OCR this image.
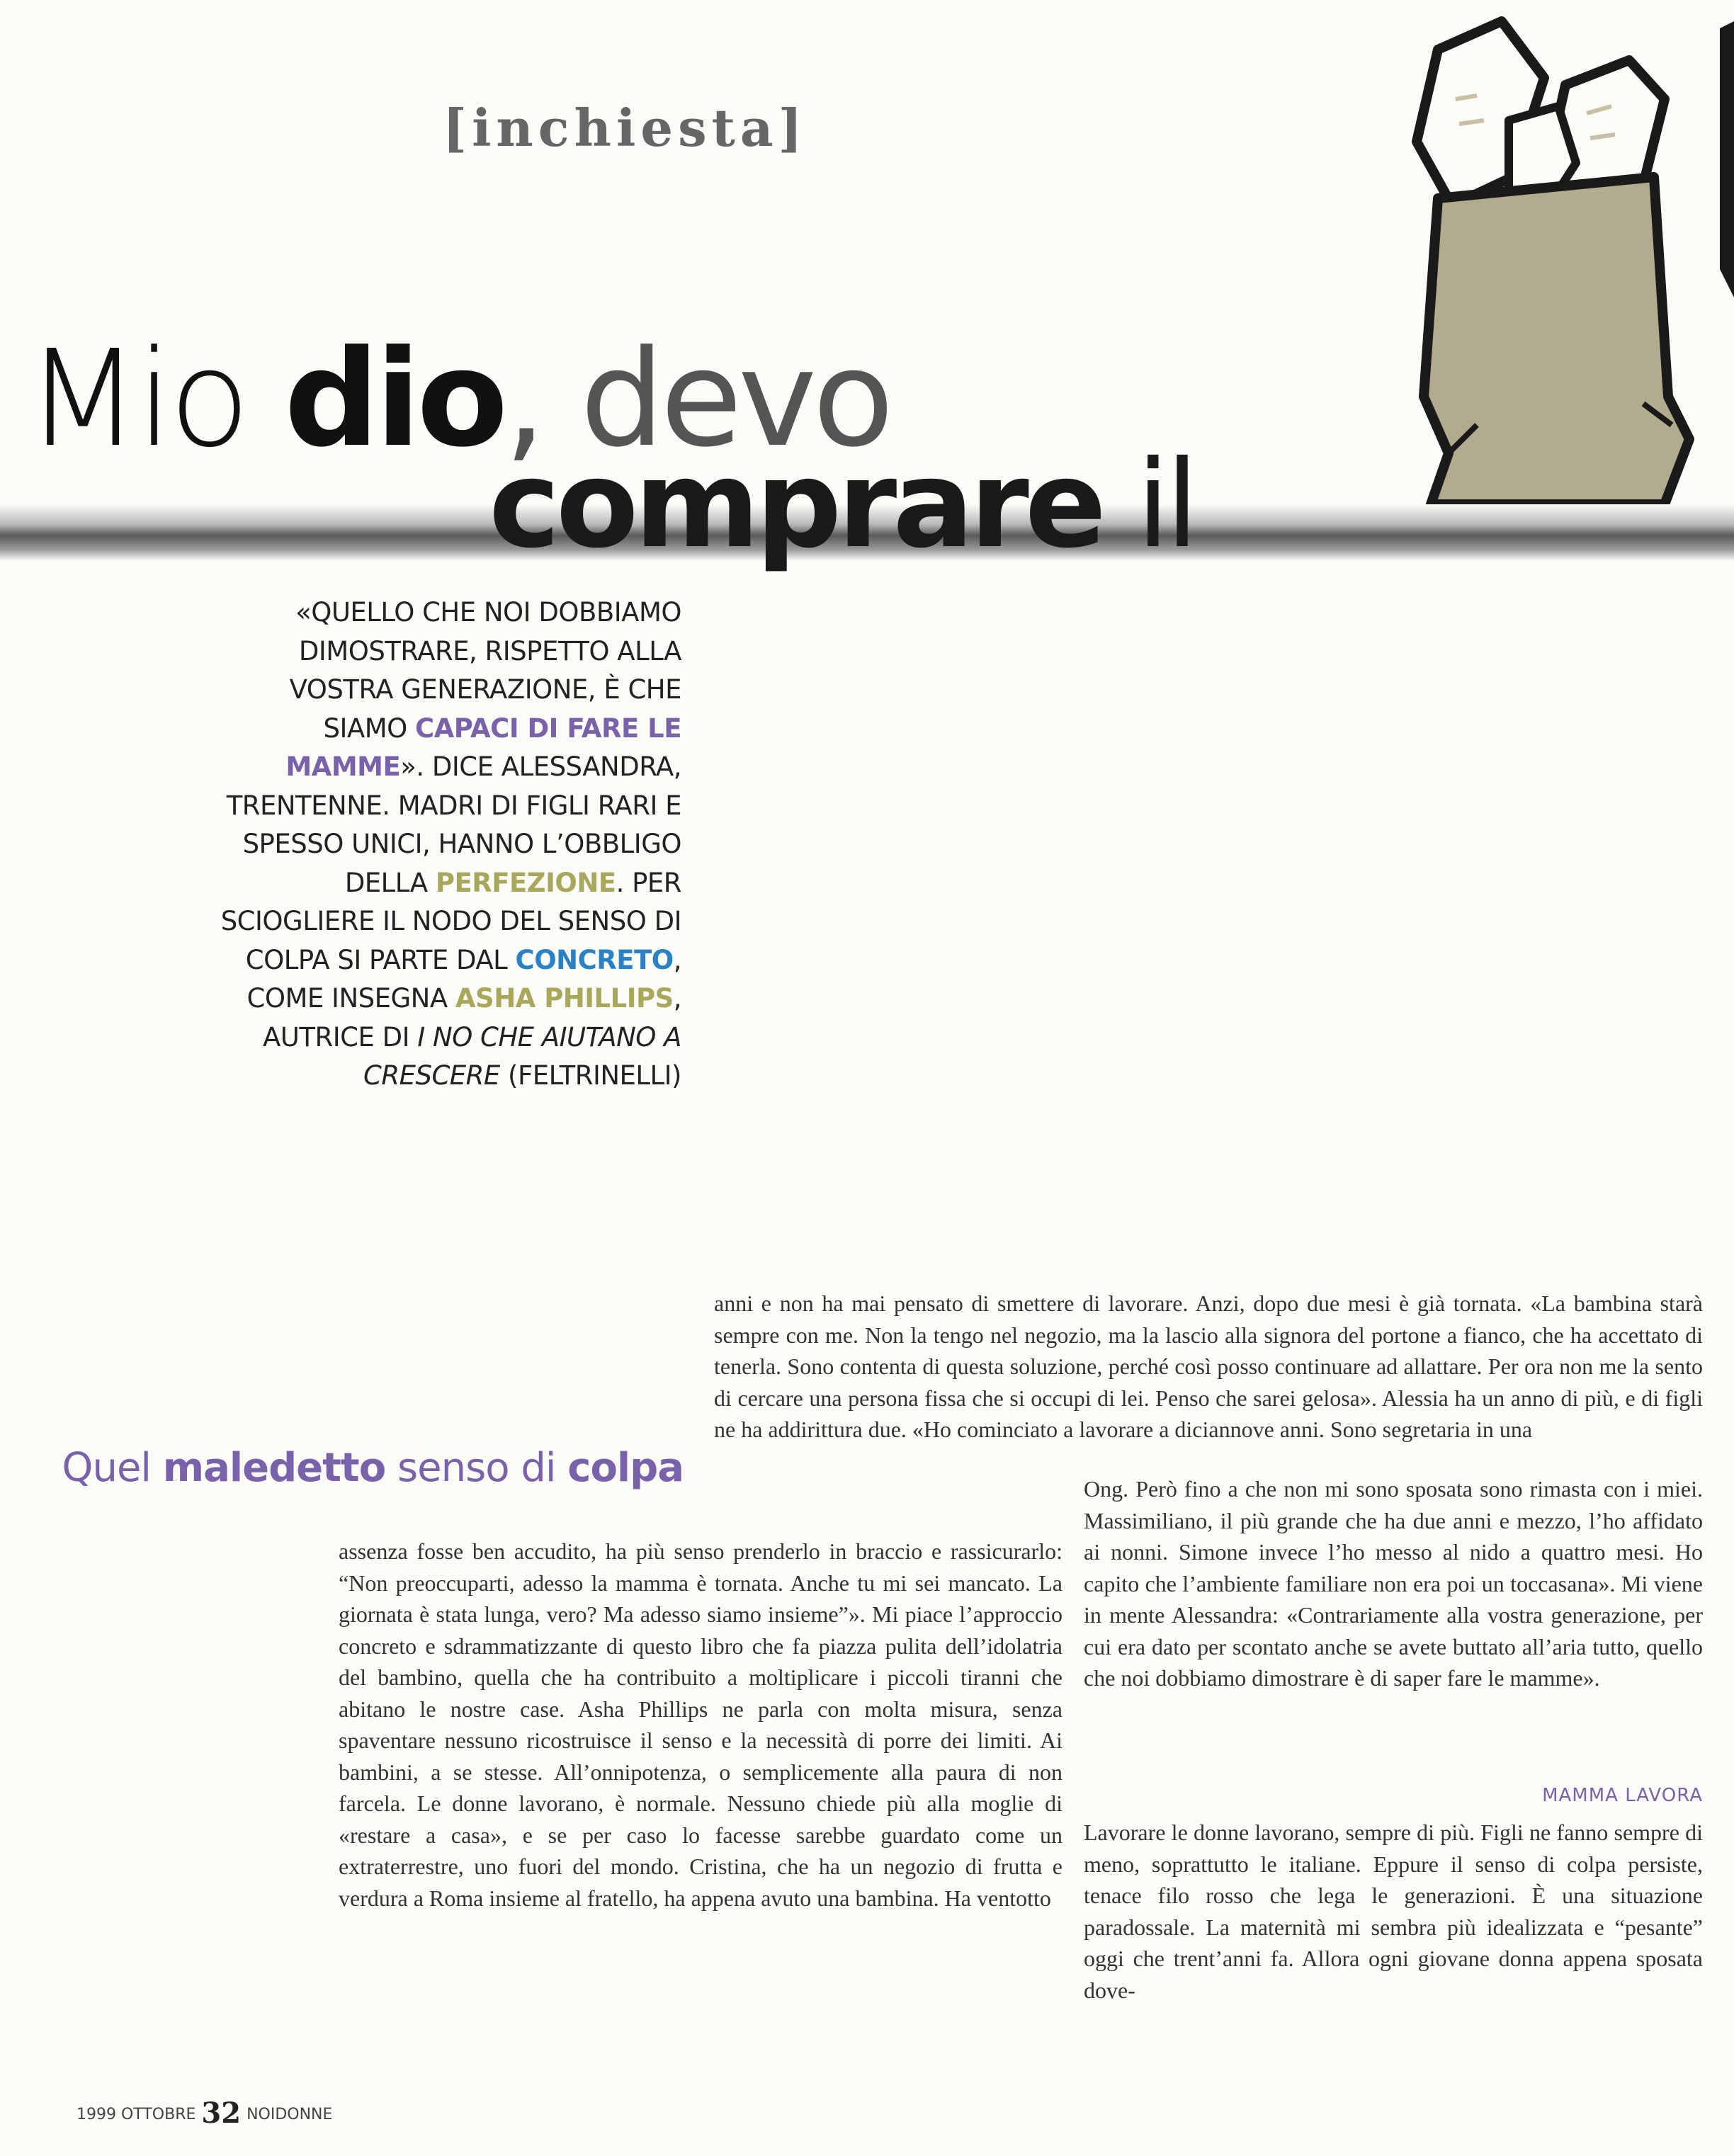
[inchiesta]
Mio dio, devo
comprare il
«QUELLO CHE NOI DOBBIAMO DIMOSTRARE, RISPETTO ALLA VOSTRA GENERAZIONE, È CHE SIAMO CAPACI DI FARE LE MAMME». DICE ALESSANDRA, TRENTENNE. MADRI DI FIGLI RARI E SPESSO UNICI, HANNO L’OBBLIGO DELLA PERFEZIONE. PER SCIOGLIERE IL NODO DEL SENSO DI COLPA SI PARTE DAL CONCRETO, COME INSEGNA ASHA PHILLIPS, AUTRICE DI I NO CHE AIUTANO A CRESCERE (FELTRINELLI)
Quel maledetto senso di colpa

anni e non ha mai pensato di smettere di lavorare. Anzi, dopo due mesi è già tornata. «La bambina starà sempre con me. Non la tengo nel negozio, ma la lascio alla signora del portone a fianco, che ha accettato di tenerla. Sono contenta di questa soluzione, perché così posso continuare ad allattare. Per ora non me la sento di cercare una persona fissa che si occupi di lei. Penso che sarei gelosa». Alessia ha un anno di più, e di figli ne ha addirittura due. «Ho cominciato a lavorare a diciannove anni. Sono segretaria in una

assenza fosse ben accudito, ha più senso prenderlo in braccio e rassicurarlo: “Non preoccuparti, adesso la mamma è tornata. Anche tu mi sei mancato. La giornata è stata lunga, vero? Ma adesso siamo insieme”». Mi piace l’approccio concreto e sdrammatizzante di questo libro che fa piazza pulita dell’idolatria del bambino, quella che ha contribuito a moltiplicare i piccoli tiranni che abitano le nostre case. Asha Phillips ne parla con molta misura, senza spaventare nessuno ricostruisce il senso e la necessità di porre dei limiti. Ai bambini, a se stesse. All’onnipotenza, o semplicemente alla paura di non farcela. Le donne lavorano, è normale. Nessuno chiede più alla moglie di «restare a casa», e se per caso lo facesse sarebbe guardato come un extraterrestre, uno fuori del mondo. Cristina, che ha un negozio di frutta e verdura a Roma insieme al fratello, ha appena avuto una bambina. Ha ventotto

Ong. Però fino a che non mi sono sposata sono rimasta con i miei. Massimiliano, il più grande che ha due anni e mezzo, l’ho affidato ai nonni. Simone invece l’ho messo al nido a quattro mesi. Ho capito che l’ambiente familiare non era poi un toccasana». Mi viene in mente Alessandra: «Contrariamente alla vostra generazione, per cui era dato per scontato anche se avete buttato all’aria tutto, quello che noi dobbiamo dimostrare è di saper fare le mamme».

MAMMA LAVORA

Lavorare le donne lavorano, sempre di più. Figli ne fanno sempre di meno, soprattutto le italiane. Eppure il senso di colpa persiste, tenace filo rosso che lega le generazioni. È una situazione paradossale. La maternità mi sembra più idealizzata e “pesante” oggi che trent’anni fa. Allora ogni giovane donna appena sposata dove-

1999 OTTOBRE 32 NOIDONNE
